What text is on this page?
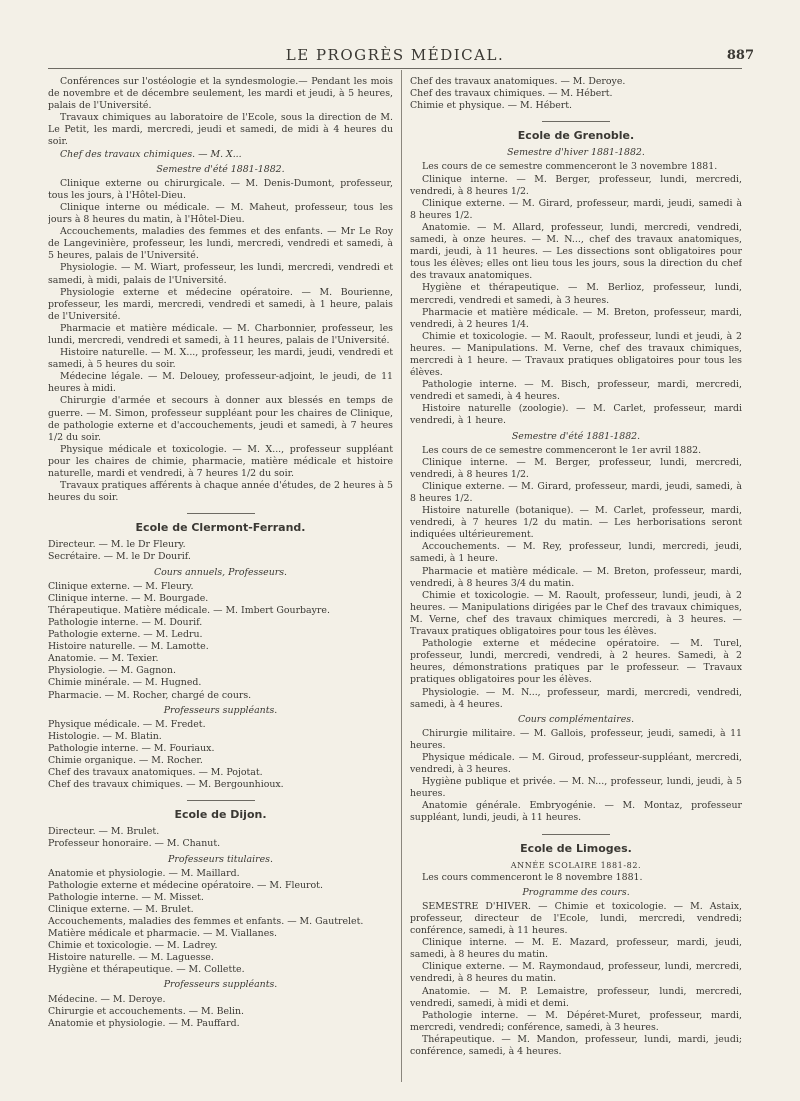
LE PROGRÈS MÉDICAL.	887

Conférences sur l'ostéologie et la syndesmologie.— Pendant les mois de novembre et de décembre seulement, les mardi et jeudi, à 5 heures, palais de l'Université.

Travaux chimiques au laboratoire de l'Ecole, sous la direction de M. Le Petit, les mardi, mercredi, jeudi et samedi, de midi à 4 heures du soir.

Chef des travaux chimiques. — M. X...

Semestre d'été 1881-1882.

Clinique externe ou chirurgicale. — M. Denis-Dumont, professeur, tous les jours, à l'Hôtel-Dieu.

Clinique interne ou médicale. — M. Maheut, professeur, tous les jours à 8 heures du matin, à l'Hôtel-Dieu.

Accouchements, maladies des femmes et des enfants. — Mr Le Roy de Langevinière, professeur, les lundi, mercredi, vendredi et samedi, à 5 heures, palais de l'Université.

Physiologie. — M. Wiart, professeur, les lundi, mercredi, vendredi et samedi, à midi, palais de l'Université.

Physiologie externe et médecine opératoire. — M. Bourienne, professeur, les mardi, mercredi, vendredi et samedi, à 1 heure, palais de l'Université.

Pharmacie et matière médicale. — M. Charbonnier, professeur, les lundi, mercredi, vendredi et samedi, à 11 heures, palais de l'Université.

Histoire naturelle. — M. X..., professeur, les mardi, jeudi, vendredi et samedi, à 5 heures du soir.

Médecine légale. — M. Delouey, professeur-adjoint, le jeudi, de 11 heures à midi.

Chirurgie d'armée et secours à donner aux blessés en temps de guerre. — M. Simon, professeur suppléant pour les chaires de Clinique, de pathologie externe et d'accouchements, jeudi et samedi, à 7 heures 1/2 du soir.

Physique médicale et toxicologie. — M. X..., professeur suppléant pour les chaires de chimie, pharmacie, matière médicale et histoire naturelle, mardi et vendredi, à 7 heures 1/2 du soir.

Travaux pratiques afférents à chaque année d'études, de 2 heures à 5 heures du soir.

Ecole de Clermont-Ferrand.

Directeur. — M. le Dr Fleury.

Secrétaire. — M. le Dr Dourif.

Cours annuels, Professeurs.

Clinique externe. — M. Fleury.

Clinique interne. — M. Bourgade.

Thérapeutique. Matière médicale. — M. Imbert Gourbayre.

Pathologie interne. — M. Dourif.

Pathologie externe. — M. Ledru.

Histoire naturelle. — M. Lamotte.

Anatomie. — M. Texier.

Physiologie. — M. Gagnon.

Chimie minérale. — M. Hugned.

Pharmacie. — M. Rocher, chargé de cours.

Professeurs suppléants.

Physique médicale. — M. Fredet.

Histologie. — M. Blatin.

Pathologie interne. — M. Fouriaux.

Chimie organique. — M. Rocher.

Chef des travaux anatomiques. — M. Pojotat.

Chef des travaux chimiques. — M. Bergounhioux.

Ecole de Dijon.

Directeur. — M. Brulet.

Professeur honoraire. — M. Chanut.

Professeurs titulaires.

Anatomie et physiologie. — M. Maillard.

Pathologie externe et médecine opératoire. — M. Fleurot.

Pathologie interne. — M. Misset.

Clinique externe. — M. Brulet.

Accouchements, maladies des femmes et enfants. — M. Gautrelet.

Matière médicale et pharmacie. — M. Viallanes.

Chimie et toxicologie. — M. Ladrey.

Histoire naturelle. — M. Laguesse.

Hygiène et thérapeutique. — M. Collette.

Professeurs suppléants.

Médecine. — M. Deroye.

Chirurgie et accouchements. — M. Belin.

Anatomie et physiologie. — M. Pauffard.

Chef des travaux anatomiques. — M. Deroye.

Chef des travaux chimiques. — M. Hébert.

Chimie et physique. — M. Hébert.

Ecole de Grenoble.

Semestre d'hiver 1881-1882.

Les cours de ce semestre commenceront le 3 novembre 1881.

Clinique interne. — M. Berger, professeur, lundi, mercredi, vendredi, à 8 heures 1/2.

Clinique externe. — M. Girard, professeur, mardi, jeudi, samedi à 8 heures 1/2.

Anatomie. — M. Allard, professeur, lundi, mercredi, vendredi, samedi, à onze heures. — M. N..., chef des travaux anatomiques, mardi, jeudi, à 11 heures. — Les dissections sont obligatoires pour tous les élèves; elles ont lieu tous les jours, sous la direction du chef des travaux anatomiques.

Hygiène et thérapeutique. — M. Berlioz, professeur, lundi, mercredi, vendredi et samedi, à 3 heures.

Pharmacie et matière médicale. — M. Breton, professeur, mardi, vendredi, à 2 heures 1/4.

Chimie et toxicologie. — M. Raoult, professeur, lundi et jeudi, à 2 heures. — Manipulations. M. Verne, chef des travaux chimiques, mercredi à 1 heure. — Travaux pratiques obligatoires pour tous les élèves.

Pathologie interne. — M. Bisch, professeur, mardi, mercredi, vendredi et samedi, à 4 heures.

Histoire naturelle (zoologie). — M. Carlet, professeur, mardi vendredi, à 1 heure.

Semestre d'été 1881-1882.

Les cours de ce semestre commenceront le 1er avril 1882.

Clinique interne. — M. Berger, professeur, lundi, mercredi, vendredi, à 8 heures 1/2.

Clinique externe. — M. Girard, professeur, mardi, jeudi, samedi, à 8 heures 1/2.

Histoire naturelle (botanique). — M. Carlet, professeur, mardi, vendredi, à 7 heures 1/2 du matin. — Les herborisations seront indiquées ultérieurement.

Accouchements. — M. Rey, professeur, lundi, mercredi, jeudi, samedi, à 1 heure.

Pharmacie et matière médicale. — M. Breton, professeur, mardi, vendredi, à 8 heures 3/4 du matin.

Chimie et toxicologie. — M. Raoult, professeur, lundi, jeudi, à 2 heures. — Manipulations dirigées par le Chef des travaux chimiques, M. Verne, chef des travaux chimiques mercredi, à 3 heures. — Travaux pratiques obligatoires pour tous les élèves.

Pathologie externe et médecine opératoire. — M. Turel, professeur, lundi, mercredi, vendredi, à 2 heures. Samedi, à 2 heures, démonstrations pratiques par le professeur. — Travaux pratiques obligatoires pour les élèves.

Physiologie. — M. N..., professeur, mardi, mercredi, vendredi, samedi, à 4 heures.

Cours complémentaires.

Chirurgie militaire. — M. Gallois, professeur, jeudi, samedi, à 11 heures.

Physique médicale. — M. Giroud, professeur-suppléant, mercredi, vendredi, à 3 heures.

Hygiène publique et privée. — M. N..., professeur, lundi, jeudi, à 5 heures.

Anatomie générale. Embryogénie. — M. Montaz, professeur suppléant, lundi, jeudi, à 11 heures.

Ecole de Limoges.

ANNÉE SCOLAIRE 1881-82.

Les cours commenceront le 8 novembre 1881.

Programme des cours.

SEMESTRE D'HIVER. — Chimie et toxicologie. — M. Astaix, professeur, directeur de l'Ecole, lundi, mercredi, vendredi; conférence, samedi, à 11 heures.

Clinique interne. — M. E. Mazard, professeur, mardi, jeudi, samedi, à 8 heures du matin.

Clinique externe. — M. Raymondaud, professeur, lundi, mercredi, vendredi, à 8 heures du matin.

Anatomie. — M. P. Lemaistre, professeur, lundi, mercredi, vendredi, samedi, à midi et demi.

Pathologie interne. — M. Dépéret-Muret, professeur, mardi, mercredi, vendredi; conférence, samedi, à 3 heures.

Thérapeutique. — M. Mandon, professeur, lundi, mardi, jeudi; conférence, samedi, à 4 heures.
